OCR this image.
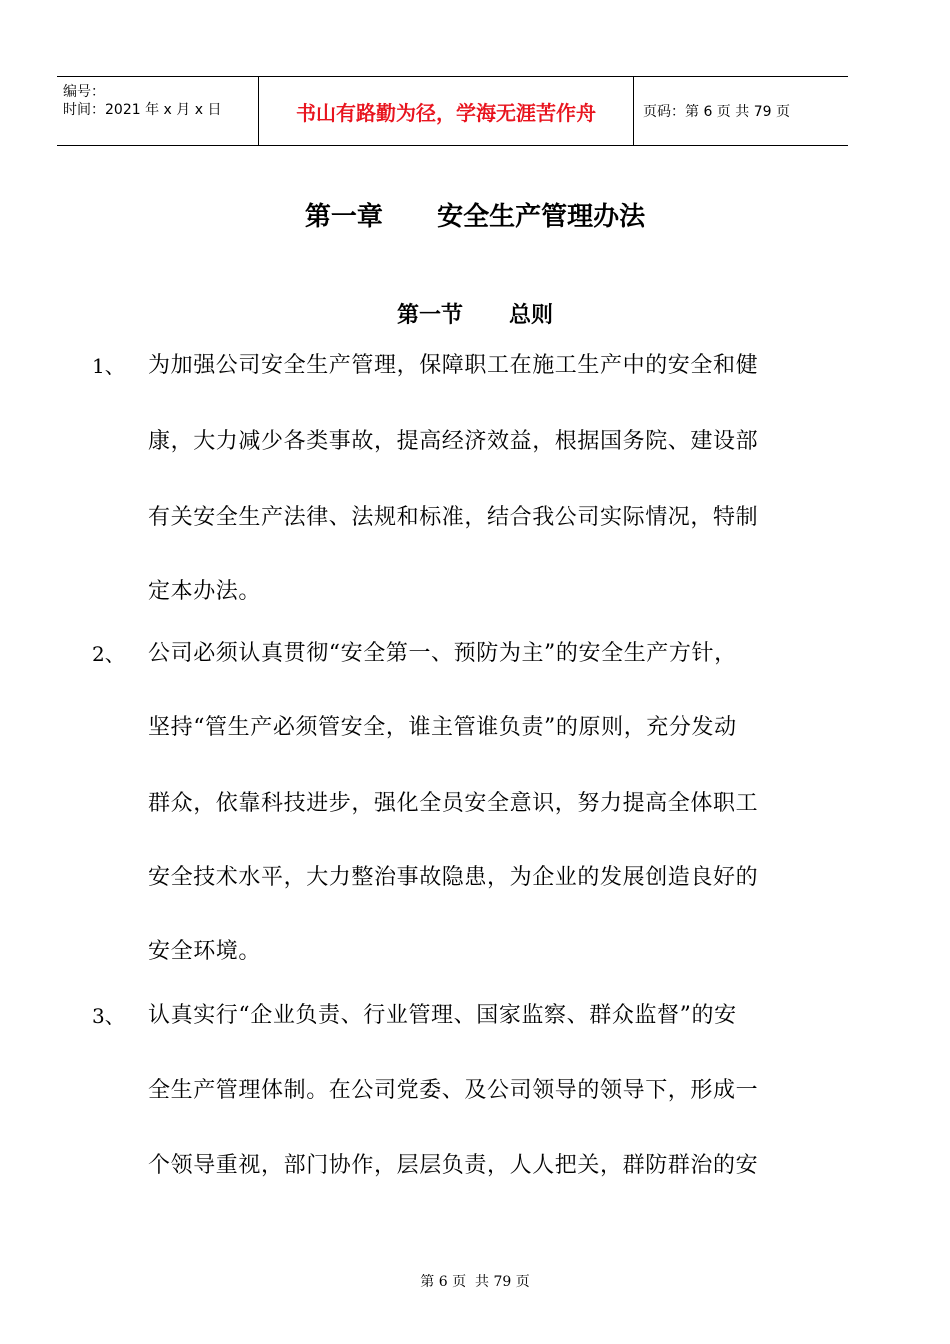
编号：
时间：2021 年 x 月 x 日	书山有路勤为径，学海无涯苦作舟	页码：第 6 页 共 79 页
第一章      安全生产管理办法
第一节      总则
1、 为加强公司安全生产管理，保障职工在施工生产中的安全和健
康，大力减少各类事故，提高经济效益，根据国务院、建设部
有关安全生产法律、法规和标准，结合我公司实际情况，特制
定本办法。
2、 公司必须认真贯彻“安全第一、预防为主”的安全生产方针，
坚持“管生产必须管安全，谁主管谁负责”的原则，充分发动
群众，依靠科技进步，强化全员安全意识，努力提高全体职工
安全技术水平，大力整治事故隐患，为企业的发展创造良好的
安全环境。
3、 认真实行“企业负责、行业管理、国家监察、群众监督”的安
全生产管理体制。在公司党委、及公司领导的领导下，形成一
个领导重视，部门协作，层层负责，人人把关，群防群治的安
第 6 页  共 79 页
